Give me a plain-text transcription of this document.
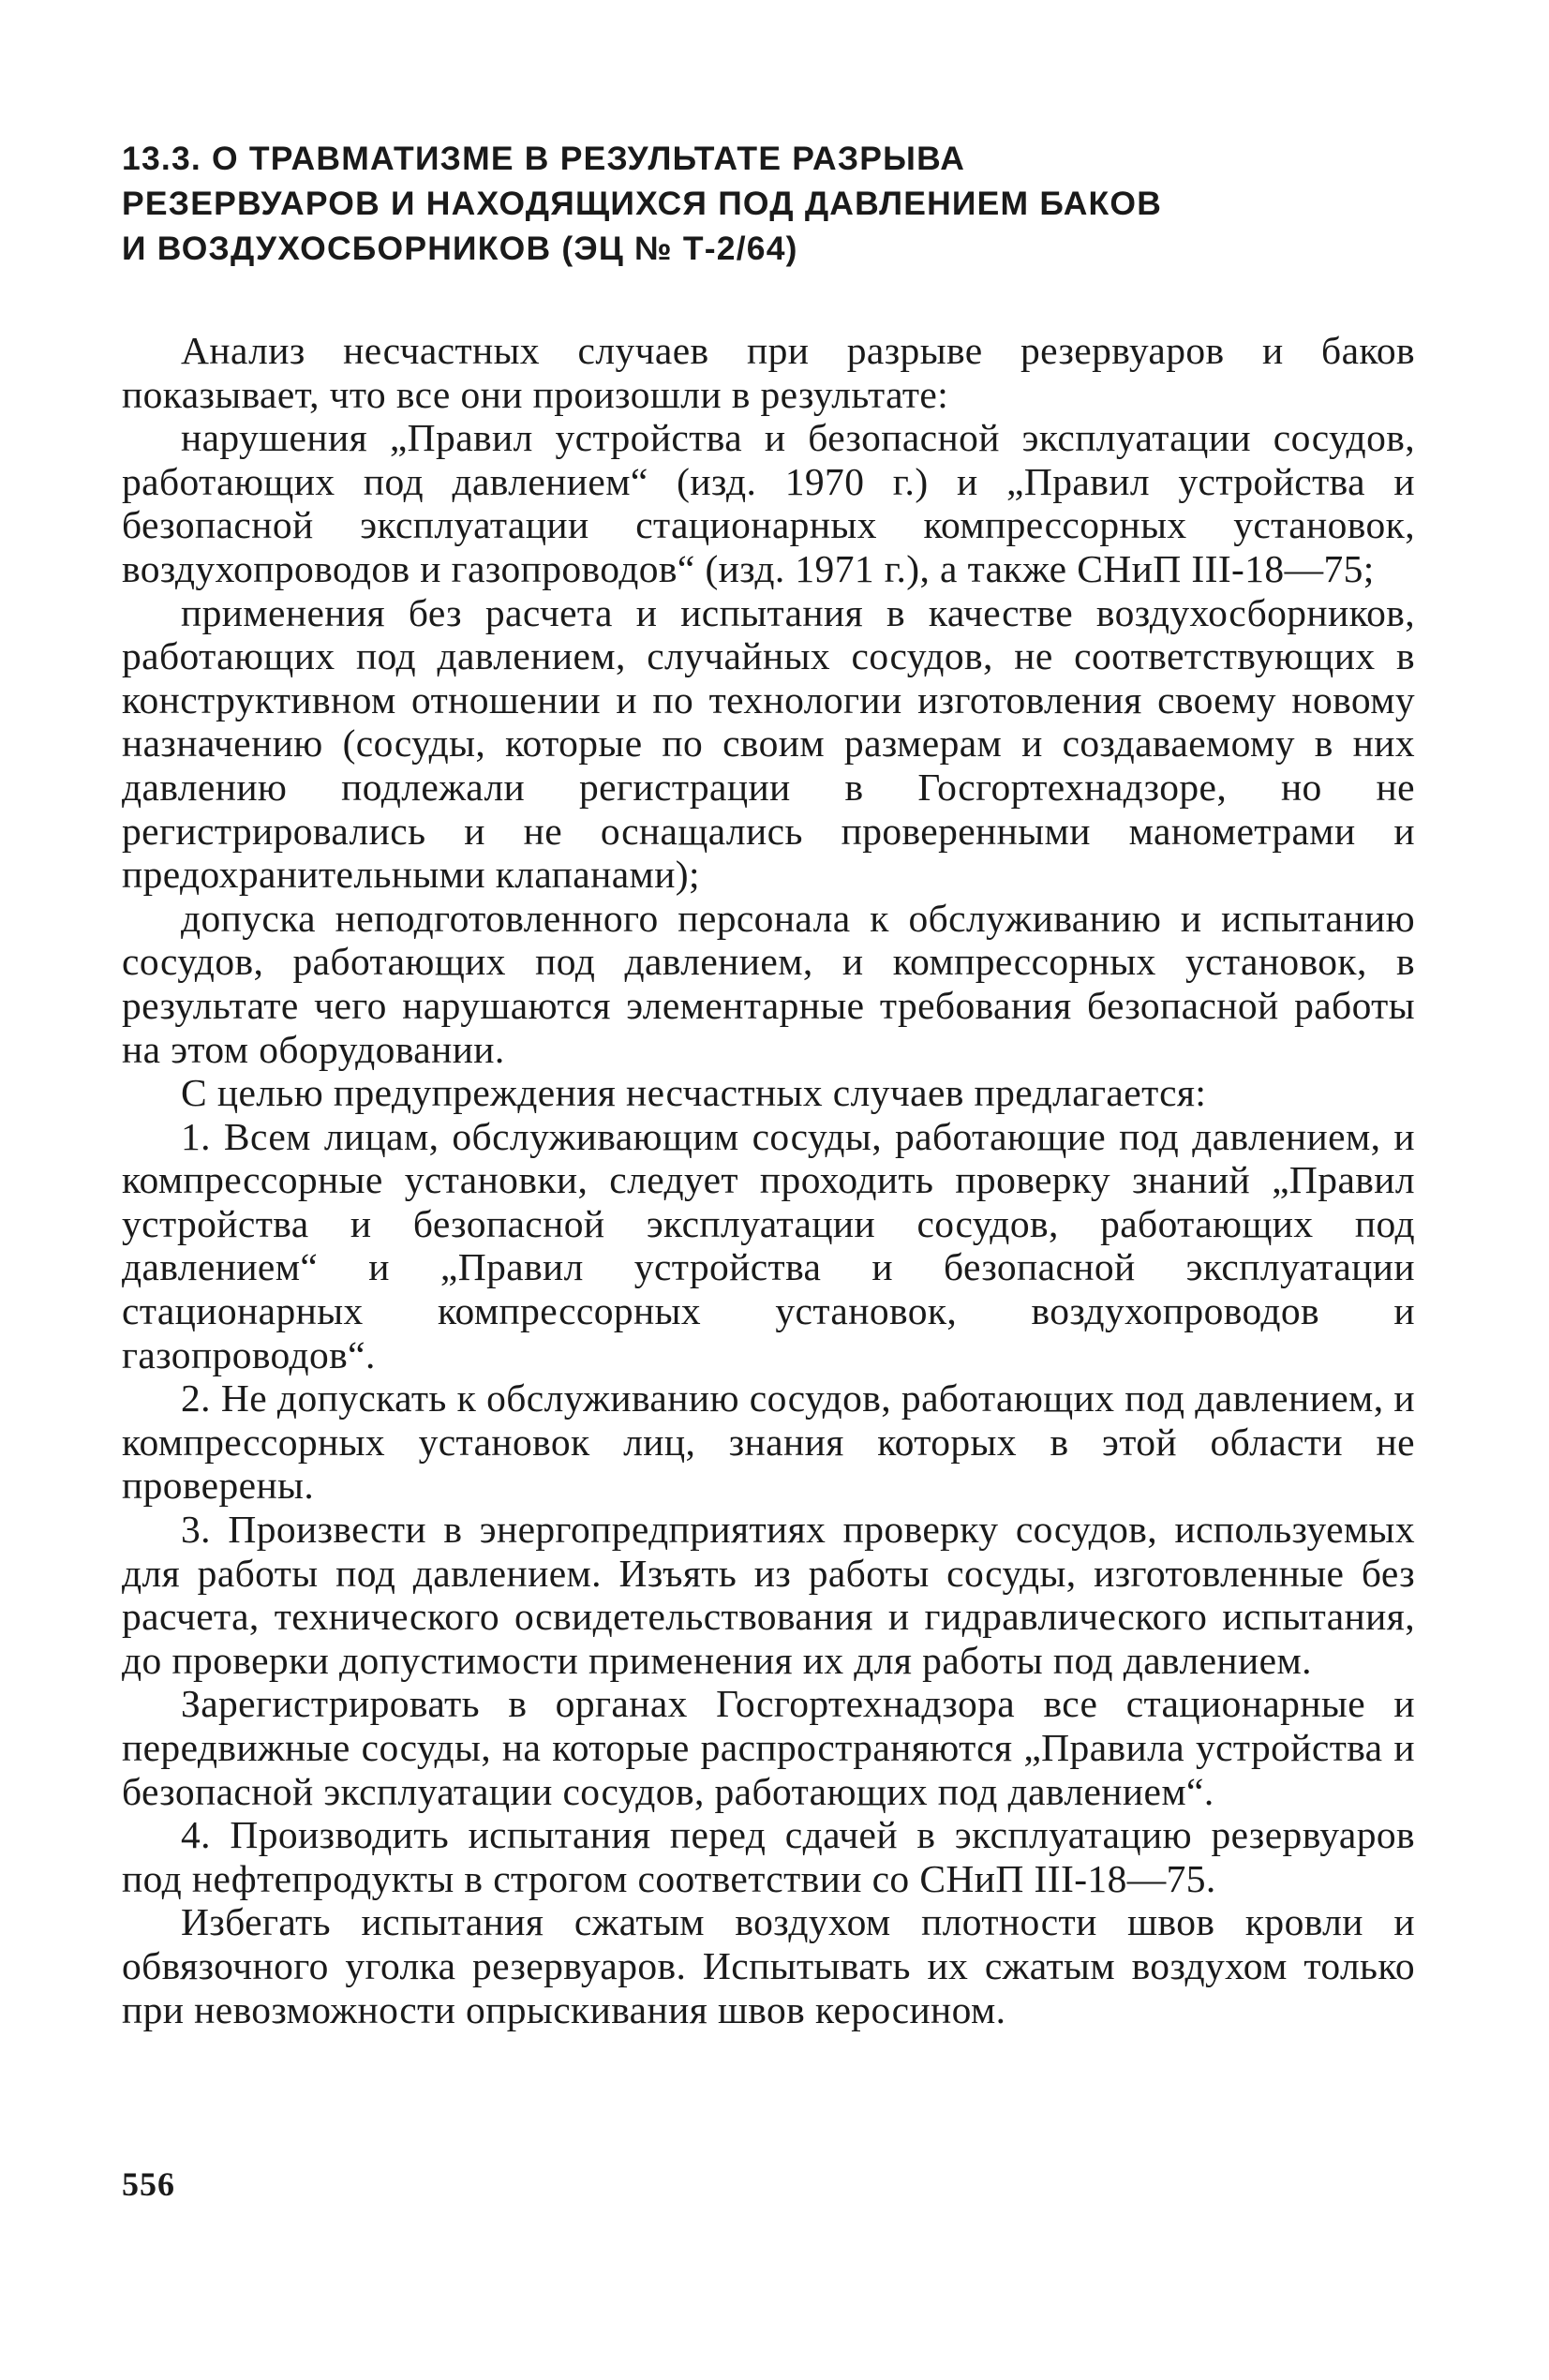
13.3. О ТРАВМАТИЗМЕ В РЕЗУЛЬТАТЕ РАЗРЫВА
РЕЗЕРВУАРОВ И НАХОДЯЩИХСЯ ПОД ДАВЛЕНИЕМ БАКОВ
И ВОЗДУХОСБОРНИКОВ (ЭЦ № Т-2/64)

Анализ несчастных случаев при разрыве резервуаров и баков показывает, что все они произошли в результате:

нарушения „Правил устройства и безопасной эксплуатации сосудов, работающих под давлением“ (изд. 1970 г.) и „Правил устройства и безопасной эксплуатации стационарных компрессорных установок, воздухопроводов и газопроводов“ (изд. 1971 г.), а также СНиП III-18—75;

применения без расчета и испытания в качестве воздухосборников, работающих под давлением, случайных сосудов, не соответствующих в конструктивном отношении и по технологии изготовления своему новому назначению (сосуды, которые по своим размерам и создаваемому в них давлению подлежали регистрации в Госгортехнадзоре, но не регистрировались и не оснащались проверенными манометрами и предохранительными клапанами);

допуска неподготовленного персонала к обслуживанию и испытанию сосудов, работающих под давлением, и компрессорных установок, в результате чего нарушаются элементарные требования безопасной работы на этом оборудовании.

С целью предупреждения несчастных случаев предлагается:

1. Всем лицам, обслуживающим сосуды, работающие под давлением, и компрессорные установки, следует проходить проверку знаний „Правил устройства и безопасной эксплуатации сосудов, работающих под давлением“ и „Правил устройства и безопасной эксплуатации стационарных компрессорных установок, воздухопроводов и газопроводов“.

2. Не допускать к обслуживанию сосудов, работающих под давлением, и компрессорных установок лиц, знания которых в этой области не проверены.

3. Произвести в энергопредприятиях проверку сосудов, используемых для работы под давлением. Изъять из работы сосуды, изготовленные без расчета, технического освидетельствования и гидравлического испытания, до проверки допустимости применения их для работы под давлением.

Зарегистрировать в органах Госгортехнадзора все стационарные и передвижные сосуды, на которые распространяются „Правила устройства и безопасной эксплуатации сосудов, работающих под давлением“.

4. Производить испытания перед сдачей в эксплуатацию резервуаров под нефтепродукты в строгом соответствии со СНиП III-18—75.

Избегать испытания сжатым воздухом плотности швов кровли и обвязочного уголка резервуаров. Испытывать их сжатым воздухом только при невозможности опрыскивания швов керосином.

556
